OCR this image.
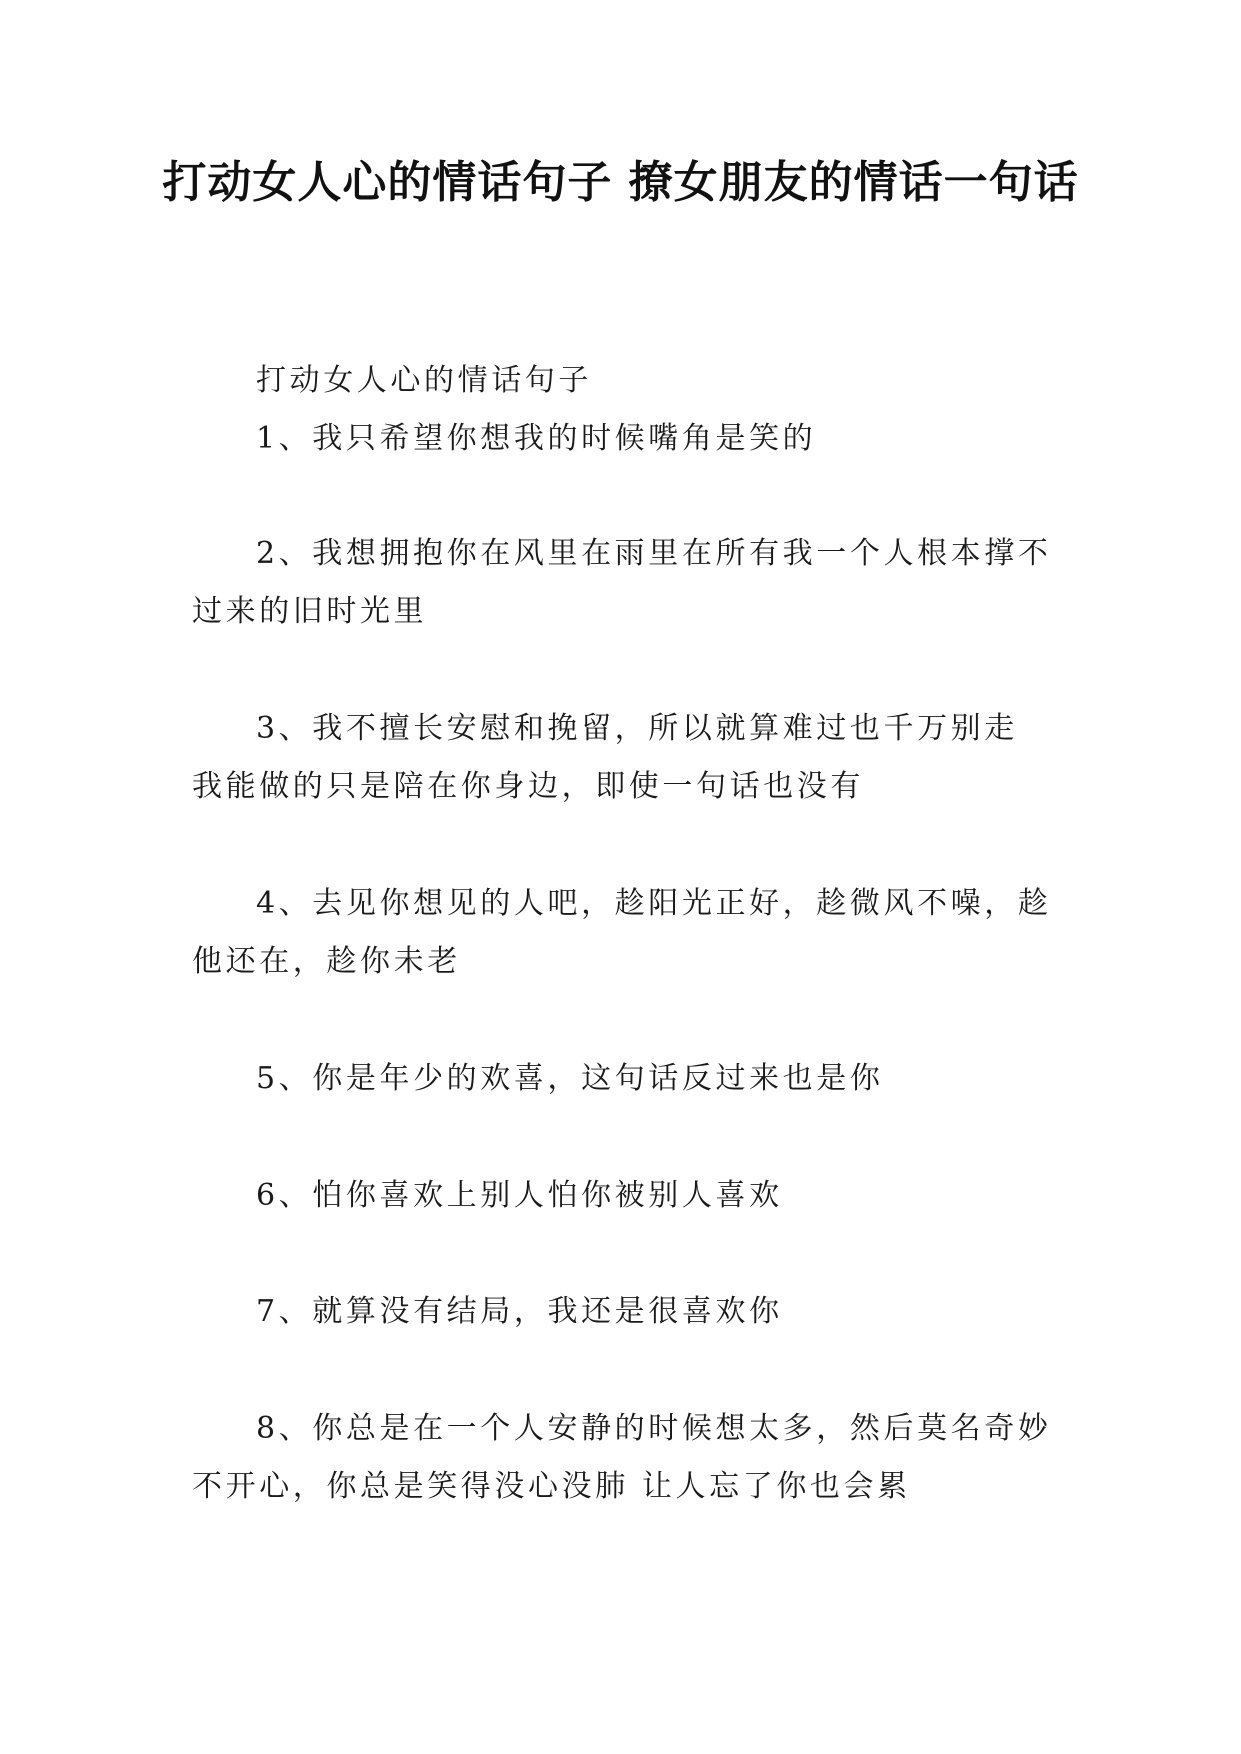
打动女人心的情话句子 撩女朋友的情话一句话

打动女人心的情话句子

1、我只希望你想我的时候嘴角是笑的

2、我想拥抱你在风里在雨里在所有我一个人根本撑不过来的旧时光里

3、我不擅长安慰和挽留，所以就算难过也千万别走 我能做的只是陪在你身边，即使一句话也没有

4、去见你想见的人吧，趁阳光正好，趁微风不噪，趁他还在，趁你未老

5、你是年少的欢喜，这句话反过来也是你

6、怕你喜欢上别人怕你被别人喜欢

7、就算没有结局，我还是很喜欢你

8、你总是在一个人安静的时候想太多，然后莫名奇妙不开心，你总是笑得没心没肺 让人忘了你也会累
